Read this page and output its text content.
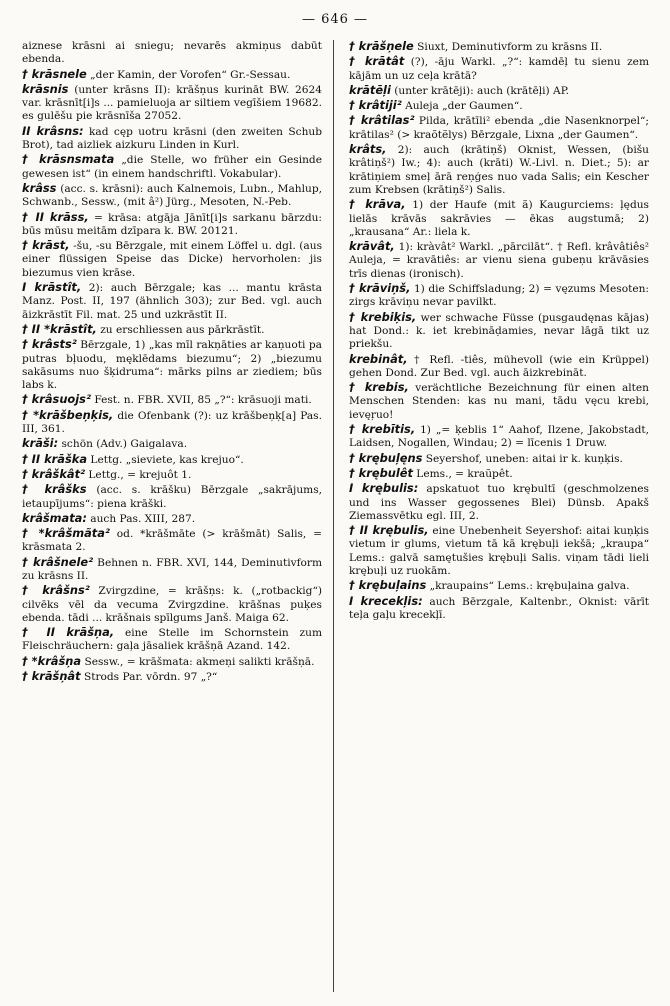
— 646 —

aiznese krāsni ai sniegu; nevarēs akmiņus dabūt ebenda.

† krāsnele „der Kamin, der Vorofen“ Gr.-Sessau.

krāsnis (unter krāsns II): krāšņus kurināt BW. 2624 var. krāsnīt[i]s ... pamieluoja ar siltiem vegīšiem 19682. es gulēšu pie krāsnīša 27052.

II krâsns: kad cęp uotru krāsni (den zweiten Schub Brot), tad aizliek aizkuru Linden in Kurl.

† krāsnsmata „die Stelle, wo früher ein Gesinde gewesen ist“ (in einem handschriftl. Vokabular).

krâss (acc. s. krāsni): auch Kalnemois, Lubn., Mahlup, Schwanb., Sessw., (mit â²) Jürg., Mesoten, N.-Peb.

† II krāss, = krāsa: atgāja Jānīt[i]s sarkanu bārzdu: būs mūsu meitām dzīpara k. BW. 20121.

† krāst, -šu, -su Bērzgale, mit einem Löffel u. dgl. (aus einer flüssigen Speise das Dicke) hervorholen: jis biezumus vien krāse.

I krāstît, 2): auch Bērzgale; kas ... mantu krāsta Manz. Post. II, 197 (ähnlich 303); zur Bed. vgl. auch āizkrāstīt Fil. mat. 25 und uzkrāstīt II.

† II *krāstît, zu erschliessen aus pārkrāstīt.

† krâsts² Bērzgale, 1) „kas mīl rakņāties ar kaņuoti pa putras bļuodu, męklēdams biezumu“; 2) „biezumu sakāsums nuo šķidruma“: mārks pilns ar ziediem; būs labs k.

† krâsuojs² Fest. n. FBR. XVII, 85 „?“: krāsuoji mati.

† *krāšbeņķis, die Ofenbank (?): uz krāšbeņķ[a] Pas. III, 361.

krāši: schön (Adv.) Gaigalava.

† II krāška Lettg. „sieviete, kas krejuo“.

† krâškât² Lettg., = krejuôt 1.

† krâšks (acc. s. krāšku) Bērzgale „sakrājums, ietaupījums“: piena krāški.

krâšmata: auch Pas. XIII, 287.

† *krâšmãta² od. *krāšmāte (> krāšmāt) Salis, = krāsmata 2.

† krâšnele² Behnen n. FBR. XVI, 144, Deminutivform zu krāsns II.

† krâšns² Zvirgzdine, = krāšņs: k. („rotbackig“) cilvēks vēl da vecuma Zvirgzdine. krāšnas puķes ebenda. tādi ... krāšnais spīlgums Janš. Maiga 62.

† II krāšņa, eine Stelle im Schornstein zum Fleischräuchern: gaļa jāsaliek krāšņā Azand. 142.

† *krâšņa Sessw., = krāšmata: akmeņi salikti krāšņā.

† krāšņât Strods Par. vōrdn. 97 „?“

† krāšņele Siuxt, Deminutivform zu krāsns II.

† krātât (?), -āju Warkl. „?“: kamdēļ tu sienu zem kājām un uz ceļa krātā?

krātēļi (unter krātēji): auch (krātēļi) AP.

† krâtiji² Auleja „der Gaumen“.

† krâtilas² Pilda, krātīli² ebenda „die Nasenknorpel“; krātilas² (> kraõtẽlys) Bērzgale, Lixna „der Gaumen“.

krâts, 2): auch (krātiņš) Oknist, Wessen, (bišu krâtiņš²) Iw.; 4): auch (krāti) W.-Livl. n. Diet.; 5): ar krātiņiem smeļ ārā reņģes nuo vada Salis; ein Kescher zum Krebsen (krātiņš²) Salis.

† krāva, 1) der Haufe (mit ã) Kaugurciems: ļędus lielās krāvās sakrāvies — ēkas augstumā; 2) „krausana“ Ar.: liela k.

krāvât, 1): kràvât² Warkl. „pārcilāt“. † Refl. krâvâtiês² Auleja, = kravātiês: ar vienu siena gubeņu krāvāsies trīs dienas (ironisch).

† krāviņš, 1) die Schiffsladung; 2) = vęzums Mesoten: zirgs krāviņu nevar pavilkt.

† krebiķis, wer schwache Füsse (pusgaudęnas kājas) hat Dond.: k. iet krebināḍamies, nevar lāgā tikt uz priekšu.

krebinât, † Refl. -tiês, mühevoll (wie ein Krüppel) gehen Dond. Zur Bed. vgl. auch āizkrebināt.

† krebis, verächtliche Bezeichnung für einen alten Menschen Stenden: kas nu mani, tādu vęcu krebi, ievęŗuo!

† krebītis, 1) „= ķeblis 1“ Aahof, Ilzene, Jakobstadt, Laidsen, Nogallen, Windau; 2) = līcenis 1 Druw.

† krębuļęns Seyershof, uneben: aitai ir k. kuņķis.

† krębulêt Lems., = kraũpêt.

I krębulis: apskatuot tuo krębultī (geschmolzenes und ins Wasser gegossenes Blei) Dünsb. Apakš Ziemassvētku egl. III, 2.

† II krębulis, eine Unebenheit Seyershof: aitai kuņķis vietum ir glums, vietum tā kā krębuļi iekšā; „kraupa“ Lems.: galvā samętušies krębuļi Salis. viņam tādi lieli krębuļi uz ruokām.

† krębuļains „kraupains“ Lems.: krębuļaina galva.

I krecekļis: auch Bērzgale, Kaltenbr., Oknist: vārīt teļa gaļu krecekļī.
